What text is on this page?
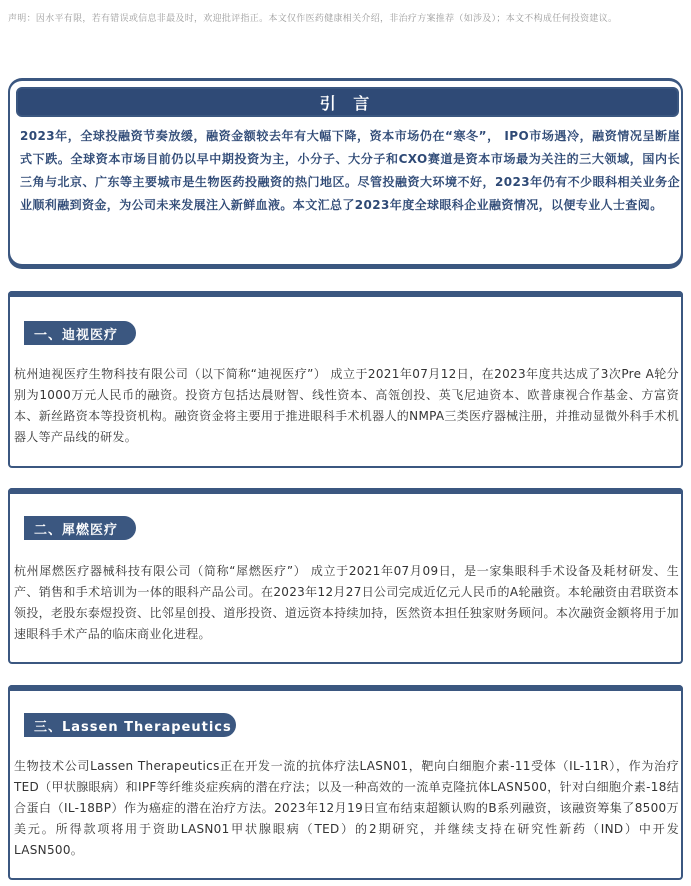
声明：因水平有限，若有错误或信息非最及时，欢迎批评指正。本文仅作医药健康相关介绍，非治疗方案推荐（如涉及）；本文不构成任何投资建议。
引 言
2023年，全球投融资节奏放缓，融资金额较去年有大幅下降，资本市场仍在“寒冬”， IPO市场遇冷，融资情况呈断崖式下跌。全球资本市场目前仍以早中期投资为主，小分子、大分子和CXO赛道是资本市场最为关注的三大领域，国内长三角与北京、广东等主要城市是生物医药投融资的热门地区。尽管投融资大环境不好，2023年仍有不少眼科相关业务企业顺利融到资金，为公司未来发展注入新鲜血液。本文汇总了2023年度全球眼科企业融资情况，以便专业人士查阅。
一、迪视医疗
杭州迪视医疗生物科技有限公司（以下简称“迪视医疗”） 成立于2021年07月12日，在2023年度共达成了3次Pre A轮分别为1000万元人民币的融资。投资方包括达晨财智、线性资本、高瓴创投、英飞尼迪资本、欧普康视合作基金、方富资本、新丝路资本等投资机构。融资资金将主要用于推进眼科手术机器人的NMPA三类医疗器械注册，并推动显微外科手术机器人等产品线的研发。
二、犀燃医疗
杭州犀燃医疗器械科技有限公司（简称“犀燃医疗”） 成立于2021年07月09日，是一家集眼科手术设备及耗材研发、生产、销售和手术培训为一体的眼科产品公司。在2023年12月27日公司完成近亿元人民币的A轮融资。本轮融资由君联资本领投，老股东泰煜投资、比邻星创投、道彤投资、道远资本持续加持，医然资本担任独家财务顾问。本次融资金额将用于加速眼科手术产品的临床商业化进程。
三、Lassen Therapeutics
生物技术公司Lassen Therapeutics正在开发一流的抗体疗法LASN01，靶向白细胞介素-11受体（IL-11R），作为治疗TED（甲状腺眼病）和IPF等纤维炎症疾病的潜在疗法；以及一种高效的一流单克隆抗体LASN500，针对白细胞介素-18结合蛋白（IL-18BP）作为癌症的潜在治疗方法。2023年12月19日宣布结束超额认购的B系列融资，该融资筹集了8500万美元。所得款项将用于资助LASN01甲状腺眼病（TED）的2期研究，并继续支持在研究性新药（IND）中开发LASN500。
